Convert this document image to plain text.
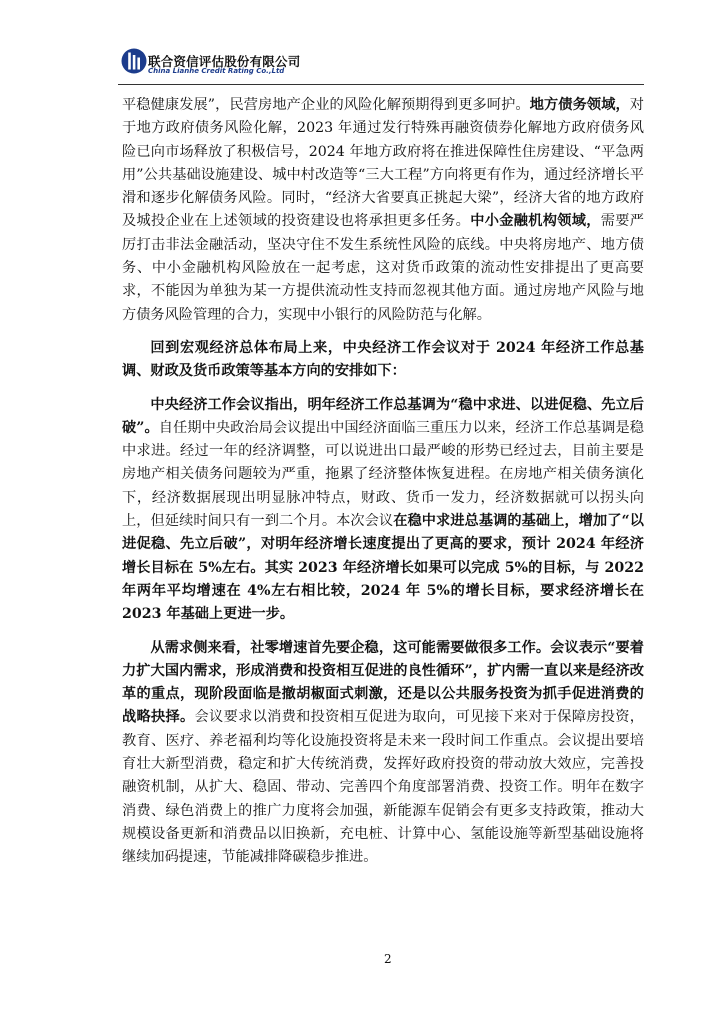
联合资信评估股份有限公司
China Lianhe Credit Rating Co.,Ltd

平稳健康发展”，民营房地产企业的风险化解预期得到更多呵护。地方债务领域，对于地方政府债务风险化解，2023 年通过发行特殊再融资债券化解地方政府债务风险已向市场释放了积极信号，2024 年地方政府将在推进保障性住房建设、“平急两用”公共基础设施建设、城中村改造等“三大工程”方向将更有作为，通过经济增长平滑和逐步化解债务风险。同时，“经济大省要真正挑起大梁”，经济大省的地方政府及城投企业在上述领域的投资建设也将承担更多任务。中小金融机构领域，需要严厉打击非法金融活动，坚决守住不发生系统性风险的底线。中央将房地产、地方债务、中小金融机构风险放在一起考虑，这对货币政策的流动性安排提出了更高要求，不能因为单独为某一方提供流动性支持而忽视其他方面。通过房地产风险与地方债务风险管理的合力，实现中小银行的风险防范与化解。

回到宏观经济总体布局上来，中央经济工作会议对于 2024 年经济工作总基调、财政及货币政策等基本方向的安排如下：

中央经济工作会议指出，明年经济工作总基调为“稳中求进、以进促稳、先立后破”。自任期中央政治局会议提出中国经济面临三重压力以来，经济工作总基调是稳中求进。经过一年的经济调整，可以说进出口最严峻的形势已经过去，目前主要是房地产相关债务问题较为严重，拖累了经济整体恢复进程。在房地产相关债务演化下，经济数据展现出明显脉冲特点，财政、货币一发力，经济数据就可以拐头向上，但延续时间只有一到二个月。本次会议在稳中求进总基调的基础上，增加了“以进促稳、先立后破”，对明年经济增长速度提出了更高的要求，预计 2024 年经济增长目标在 5%左右。其实 2023 年经济增长如果可以完成 5%的目标，与 2022 年两年平均增速在 4%左右相比较，2024 年 5%的增长目标，要求经济增长在 2023 年基础上更进一步。

从需求侧来看，社零增速首先要企稳，这可能需要做很多工作。会议表示“要着力扩大国内需求，形成消费和投资相互促进的良性循环”，扩内需一直以来是经济改革的重点，现阶段面临是撤胡椒面式刺激，还是以公共服务投资为抓手促进消费的战略抉择。会议要求以消费和投资相互促进为取向，可见接下来对于保障房投资，教育、医疗、养老福利均等化设施投资将是未来一段时间工作重点。会议提出要培育壮大新型消费，稳定和扩大传统消费，发挥好政府投资的带动放大效应，完善投融资机制，从扩大、稳固、带动、完善四个角度部署消费、投资工作。明年在数字消费、绿色消费上的推广力度将会加强，新能源车促销会有更多支持政策，推动大规模设备更新和消费品以旧换新，充电桩、计算中心、氢能设施等新型基础设施将继续加码提速，节能减排降碳稳步推进。

2
